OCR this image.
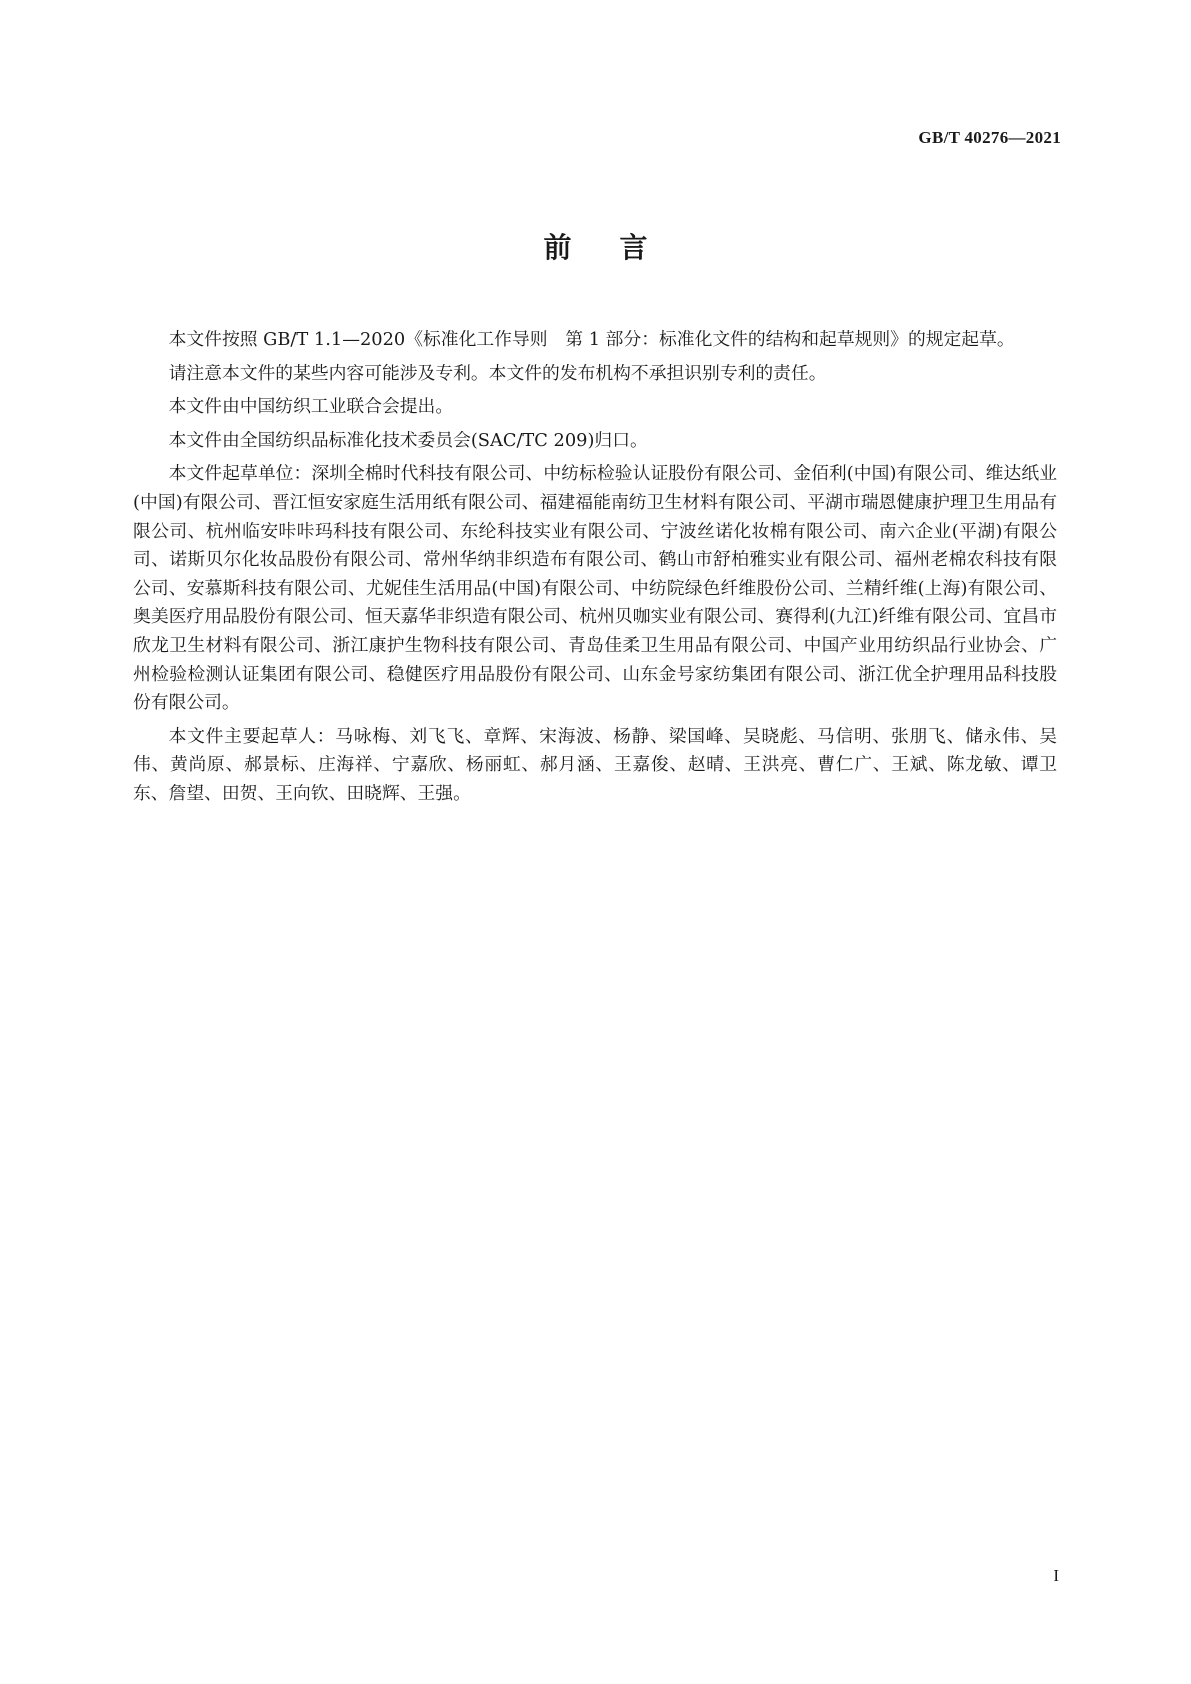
GB/T 40276—2021
前言

本文件按照 GB/T 1.1—2020《标准化工作导则　第 1 部分：标准化文件的结构和起草规则》的规定起草。

请注意本文件的某些内容可能涉及专利。本文件的发布机构不承担识别专利的责任。

本文件由中国纺织工业联合会提出。

本文件由全国纺织品标准化技术委员会(SAC/TC 209)归口。

本文件起草单位：深圳全棉时代科技有限公司、中纺标检验认证股份有限公司、金佰利(中国)有限公司、维达纸业(中国)有限公司、晋江恒安家庭生活用纸有限公司、福建福能南纺卫生材料有限公司、平湖市瑞恩健康护理卫生用品有限公司、杭州临安咔咔玛科技有限公司、东纶科技实业有限公司、宁波丝诺化妆棉有限公司、南六企业(平湖)有限公司、诺斯贝尔化妆品股份有限公司、常州华纳非织造布有限公司、鹤山市舒柏雅实业有限公司、福州老棉农科技有限公司、安慕斯科技有限公司、尤妮佳生活用品(中国)有限公司、中纺院绿色纤维股份公司、兰精纤维(上海)有限公司、奥美医疗用品股份有限公司、恒天嘉华非织造有限公司、杭州贝咖实业有限公司、赛得利(九江)纤维有限公司、宜昌市欣龙卫生材料有限公司、浙江康护生物科技有限公司、青岛佳柔卫生用品有限公司、中国产业用纺织品行业协会、广州检验检测认证集团有限公司、稳健医疗用品股份有限公司、山东金号家纺集团有限公司、浙江优全护理用品科技股份有限公司。

本文件主要起草人：马咏梅、刘飞飞、章辉、宋海波、杨静、梁国峰、吴晓彪、马信明、张朋飞、储永伟、吴伟、黄尚原、郝景标、庄海祥、宁嘉欣、杨丽虹、郝月涵、王嘉俊、赵晴、王洪亮、曹仁广、王斌、陈龙敏、谭卫东、詹望、田贺、王向钦、田晓辉、王强。

I
